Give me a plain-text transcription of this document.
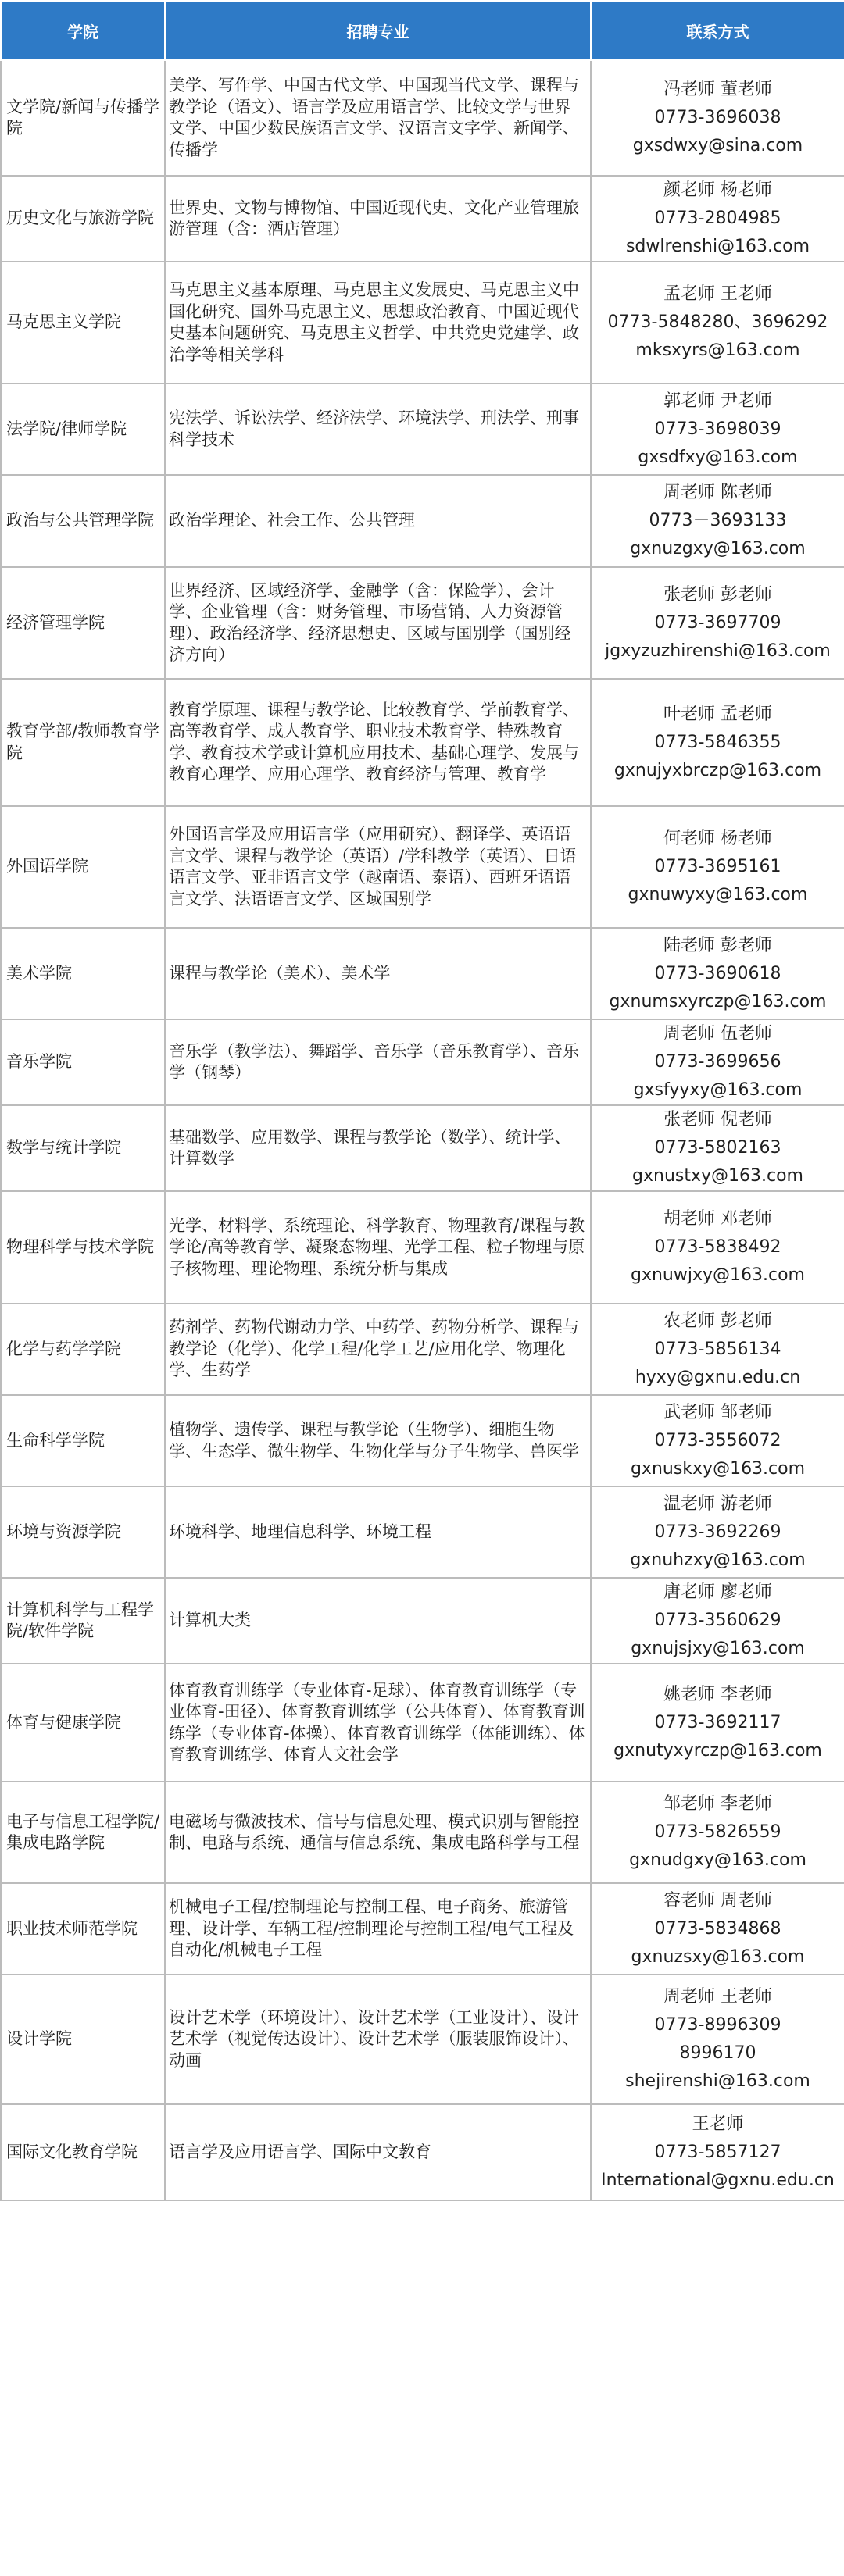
学院	招聘专业	联系方式
文学院/新闻与传播学院	美学、写作学、中国古代文学、中国现当代文学、课程与教学论（语文）、语言学及应用语言学、比较文学与世界文学、中国少数民族语言文学、汉语言文字学、新闻学、传播学	冯老师 董老师
0773-3696038
gxsdwxy@sina.com

历史文化与旅游学院	世界史、文物与博物馆、中国近现代史、文化产业管理旅游管理（含：酒店管理）	颜老师 杨老师
0773-2804985
sdwlrenshi@163.com

马克思主义学院	马克思主义基本原理、马克思主义发展史、马克思主义中国化研究、国外马克思主义、思想政治教育、中国近现代史基本问题研究、马克思主义哲学、中共党史党建学、政治学等相关学科	孟老师 王老师
0773-5848280、3696292
mksxyrs@163.com

法学院/律师学院	宪法学、诉讼法学、经济法学、环境法学、刑法学、刑事科学技术	郭老师 尹老师
0773-3698039
gxsdfxy@163.com

政治与公共管理学院	政治学理论、社会工作、公共管理	周老师 陈老师
0773－3693133
gxnuzgxy@163.com

经济管理学院	世界经济、区域经济学、金融学（含：保险学）、会计学、企业管理（含：财务管理、市场营销、人力资源管理）、政治经济学、经济思想史、区域与国别学（国别经济方向）	张老师 彭老师
0773-3697709
jgxyzuzhirenshi@163.com

教育学部/教师教育学院	教育学原理、课程与教学论、比较教育学、学前教育学、高等教育学、成人教育学、职业技术教育学、特殊教育学、教育技术学或计算机应用技术、基础心理学、发展与教育心理学、应用心理学、教育经济与管理、教育学	叶老师 孟老师
0773-5846355
gxnujyxbrczp@163.com

外国语学院	外国语言学及应用语言学（应用研究）、翻译学、英语语言文学、课程与教学论（英语）/学科教学（英语）、日语语言文学、亚非语言文学（越南语、泰语）、西班牙语语言文学、法语语言文学、区域国别学	何老师 杨老师
0773-3695161
gxnuwyxy@163.com

美术学院	课程与教学论（美术）、美术学	陆老师 彭老师
0773-3690618
gxnumsxyrczp@163.com

音乐学院	音乐学（教学法）、舞蹈学、音乐学（音乐教育学）、音乐学（钢琴）	周老师 伍老师
0773-3699656
gxsfyyxy@163.com

数学与统计学院	基础数学、应用数学、课程与教学论（数学）、统计学、计算数学	张老师 倪老师
0773-5802163
gxnustxy@163.com

物理科学与技术学院	光学、材料学、系统理论、科学教育、物理教育/课程与教学论/高等教育学、凝聚态物理、光学工程、粒子物理与原子核物理、理论物理、系统分析与集成	胡老师 邓老师
0773-5838492
gxnuwjxy@163.com

化学与药学学院	药剂学、药物代谢动力学、中药学、药物分析学、课程与教学论（化学）、化学工程/化学工艺/应用化学、物理化学、生药学	农老师 彭老师
0773-5856134
hyxy@gxnu.edu.cn

生命科学学院	植物学、遗传学、课程与教学论（生物学）、细胞生物学、生态学、微生物学、生物化学与分子生物学、兽医学	武老师 邹老师
0773-3556072
gxnuskxy@163.com

环境与资源学院	环境科学、地理信息科学、环境工程	温老师 游老师
0773-3692269
gxnuhzxy@163.com

计算机科学与工程学院/软件学院	计算机大类	唐老师 廖老师
0773-3560629
gxnujsjxy@163.com

体育与健康学院	体育教育训练学（专业体育-足球）、体育教育训练学（专业体育-田径）、体育教育训练学（公共体育）、体育教育训练学（专业体育-体操）、体育教育训练学（体能训练）、体育教育训练学、体育人文社会学	姚老师 李老师
0773-3692117
gxnutyxyrczp@163.com

电子与信息工程学院/集成电路学院	电磁场与微波技术、信号与信息处理、模式识别与智能控制、电路与系统、通信与信息系统、集成电路科学与工程	邹老师 李老师
0773-5826559
gxnudgxy@163.com

职业技术师范学院	机械电子工程/控制理论与控制工程、电子商务、旅游管理、设计学、车辆工程/控制理论与控制工程/电气工程及自动化/机械电子工程	容老师 周老师
0773-5834868
gxnuzsxy@163.com

设计学院	设计艺术学（环境设计）、设计艺术学（工业设计）、设计艺术学（视觉传达设计）、设计艺术学（服装服饰设计）、动画	周老师 王老师
0773-8996309
8996170
shejirenshi@163.com

国际文化教育学院	语言学及应用语言学、国际中文教育	王老师
0773-5857127
International@gxnu.edu.cn
